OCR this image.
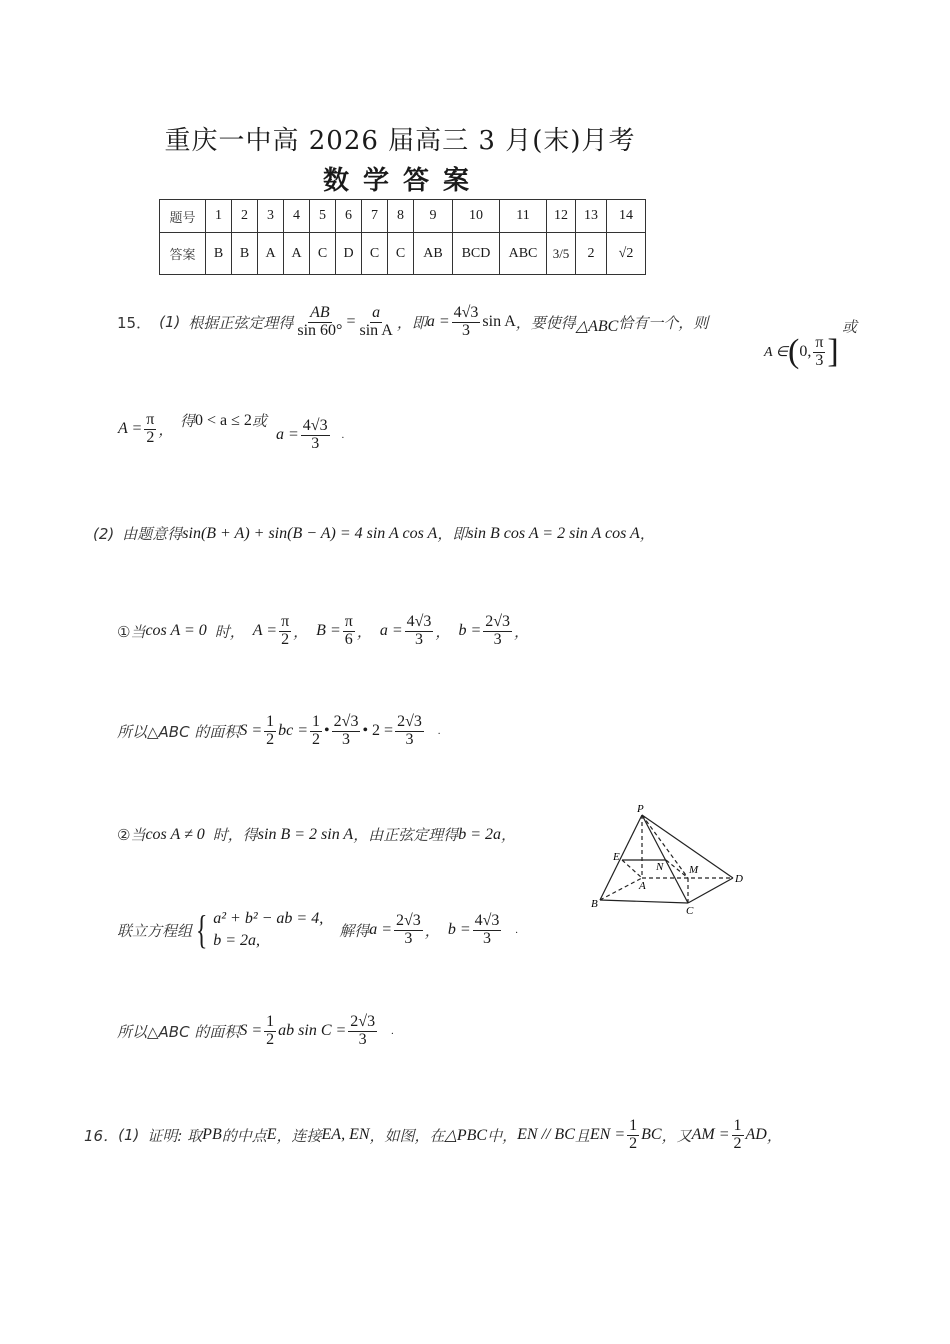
重庆一中高 2026 届高三 3 月(末)月考
数学答案
题号	1	2	3	4	5	6	7	8	9	10	11	12	13	14
答案	B	B	A	A	C	D	C	C	AB	BCD	ABC	3/5	2	√2
15． (1) 根据正弦定理得 $\frac{AB}{\sin 60^\circ} = \frac{a}{\text{sin A}}$ ，即 $a = \frac{4√3}{3}$ sin A ，要使得 △ABC 恰有一个，则
A ∈ ( 0, $\frac{\pi}{3}$ ]
或
$A = \frac{\pi}{2}$ ， 得 0 < a ≤ 2 或
$a = \frac{4√3}{3}$ .
(2) 由题意得 sin(B + A) + sin(B − A) = 4 sin A cos A ，即 sin B cos A = 2 sin A cos A ，
①当 cos A = 0 时， $A = \frac{\pi}{2}$ ， $B = \frac{\pi}{6}$ ， $a = \frac{4√3}{3}$ ， $b = \frac{2√3}{3}$ ，
所以△ABC 的面积 $S = \frac{1}{2}$ bc = $\frac{1}{2}$ • $\frac{2√3}{3}$ • $2 = \frac{2√3}{3}$ .
②当 cos A ≠ 0 时，得 sin B = 2 sin A ，由正弦定理得 b = 2a ，
P
E
N M
A
D
B
C
联立方程组 { a² + b² − ab = 4,
b = 2a,
解得 $a = \frac{2√3}{3}$ ， $b = \frac{4√3}{3}$ .
所以△ABC 的面积 $S = \frac{1}{2}$ ab $\sin C = \frac{2√3}{3}$ .
16． (1) 证明: 取 PB 的中点 E ，连接 EA, EN ，如图，在 △PBC 中， EN // BC 且 EN = $\frac{1}{2}$ BC ，又 AM = $\frac{1}{2}$ AD ，
